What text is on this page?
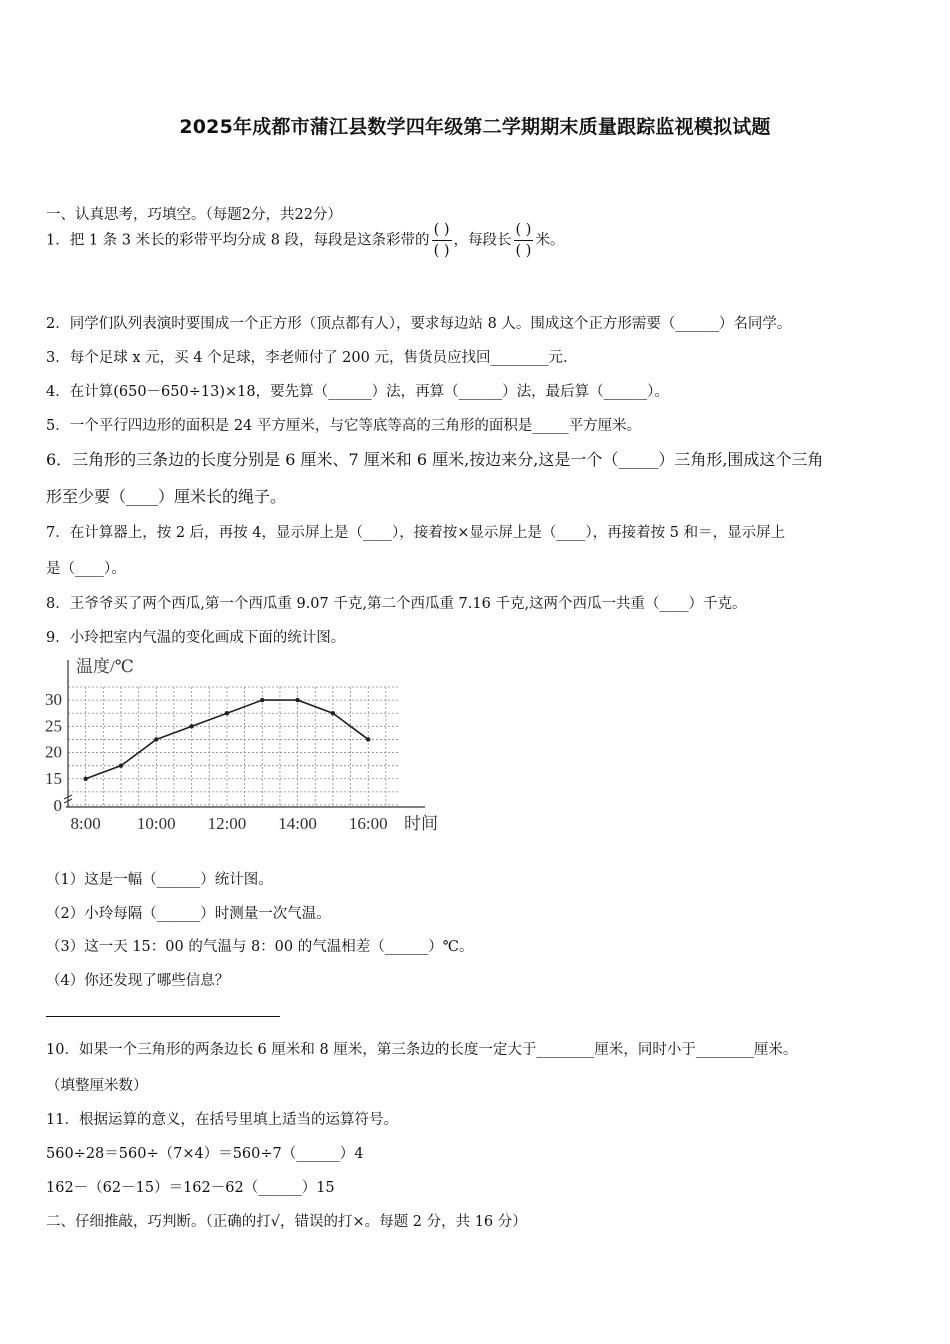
2025年成都市蒲江县数学四年级第二学期期末质量跟踪监视模拟试题
一、认真思考，巧填空。（每题2分，共22分）
1．把 1 条 3 米长的彩带平均分成 8 段，每段是这条彩带的 $\frac{( )}{( )}$ ，每段长 $\frac{( )}{( )}$ 米。
2．同学们队列表演时要围成一个正方形（顶点都有人），要求每边站 8 人。围成这个正方形需要（______）名同学。
3．每个足球 x 元，买 4 个足球，李老师付了 200 元，售货员应找回________元.
4．在计算(650－650÷13)×18，要先算（______）法，再算（______）法，最后算（______）。
5．一个平行四边形的面积是 24 平方厘米，与它等底等高的三角形的面积是_____平方厘米。
6．三角形的三条边的长度分别是 6 厘米、7 厘米和 6 厘米,按边来分,这是一个（_____）三角形,围成这个三角
形至少要（____）厘米长的绳子。
7．在计算器上，按 2 后，再按 4，显示屏上是（____），接着按×显示屏上是（____），再接着按 5 和＝，显示屏上
是（____）。
8．王爷爷买了两个西瓜,第一个西瓜重 9.07 千克,第二个西瓜重 7.16 千克,这两个西瓜一共重（____）千克。
9．小玲把室内气温的变化画成下面的统计图。
15
20
25
30
0
8:00 10:00 12:00 14:00 16:00
温度/℃
时间
（1）这是一幅（______）统计图。
（2）小玲每隔（______）时测量一次气温。
（3）这一天 15：00 的气温与 8：00 的气温相差（______）℃。
（4）你还发现了哪些信息？
10．如果一个三角形的两条边长 6 厘米和 8 厘米，第三条边的长度一定大于________厘米，同时小于________厘米。
（填整厘米数）
11．根据运算的意义，在括号里填上适当的运算符号。
560÷28＝560÷（7×4）＝560÷7（______）4
162－（62－15）＝162－62（______）15
二、仔细推敲，巧判断。（正确的打√，错误的打×。每题 2 分，共 16 分）
